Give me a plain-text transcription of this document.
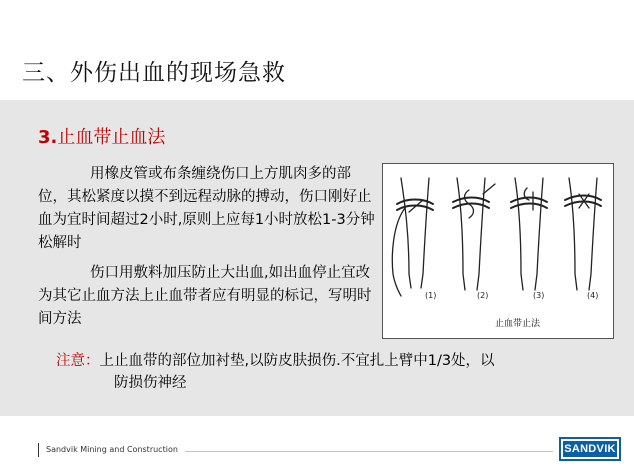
三、外伤出血的现场急救
3.止血带止血法
用橡皮管或布条缠绕伤口上方肌肉多的部位，其松紧度以摸不到远程动脉的搏动，伤口刚好止血为宜时间超过2小时,原则上应每1小时放松1-3分钟松解时
伤口用敷料加压防止大出血,如出血停止宜改为其它止血方法上止血带者应有明显的标记，写明时间方法
(1)	(2)	(3)	(4)
止血带止法
注意：上止血带的部位加衬垫,以防皮肤损伤.不宜扎上臂中1/3处，以
防损伤神经
Sandvik Mining and Construction	SANDVIK
